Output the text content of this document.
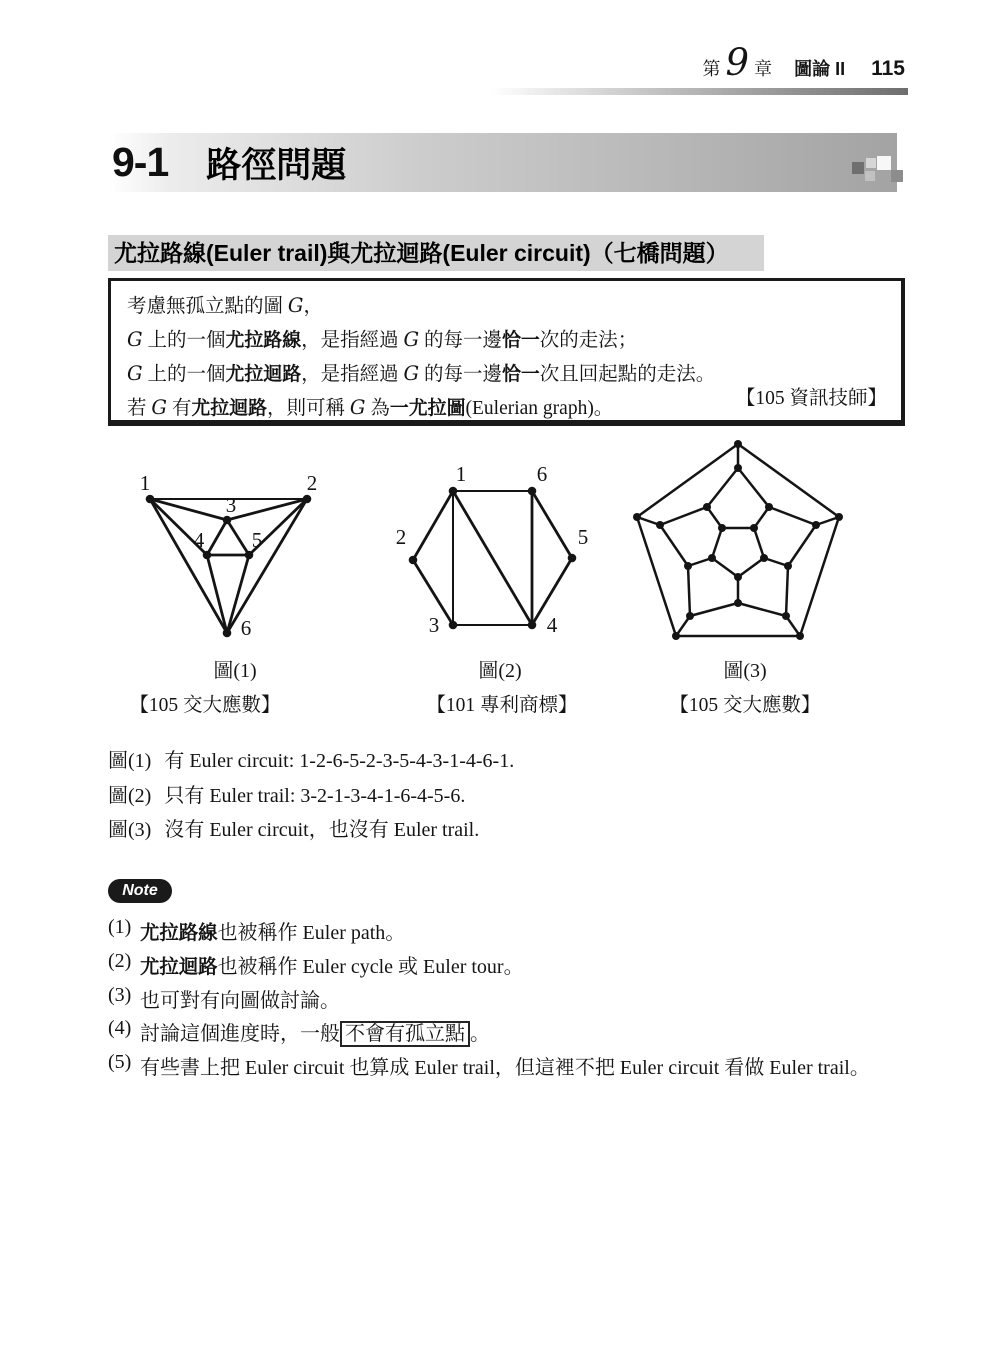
第 9 章 圖論 II 115
9-1 路徑問題
尤拉路線(Euler trail)與尤拉迴路(Euler circuit)（七橋問題）
考慮無孤立點的圖 G，
G 上的一個尤拉路線，是指經過 G 的每一邊恰一次的走法；
G 上的一個尤拉迴路，是指經過 G 的每一邊恰一次且回起點的走法。
若 G 有尤拉迴路，則可稱 G 為一尤拉圖(Eulerian graph)。	【105 資訊技師】
1	2
3
4 5
6
1
2
3	4
5
6
圖(1)	圖(2)	圖(3)
【105 交大應數】	【101 專利商標】	【105 交大應數】
圖(1) 有 Euler circuit: 1-2-6-5-2-3-5-4-3-1-4-6-1.
圖(2) 只有 Euler trail: 3-2-1-3-4-1-6-4-5-6.
圖(3) 沒有 Euler circuit，也沒有 Euler trail.
Note
(1) 尤拉路線也被稱作 Euler path。
(2) 尤拉迴路也被稱作 Euler cycle 或 Euler tour。
(3) 也可對有向圖做討論。
(4) 討論這個進度時，一般 不會有孤立點 。
(5) 有些書上把 Euler circuit 也算成 Euler trail，但這裡不把 Euler circuit 看做 Euler trail。
